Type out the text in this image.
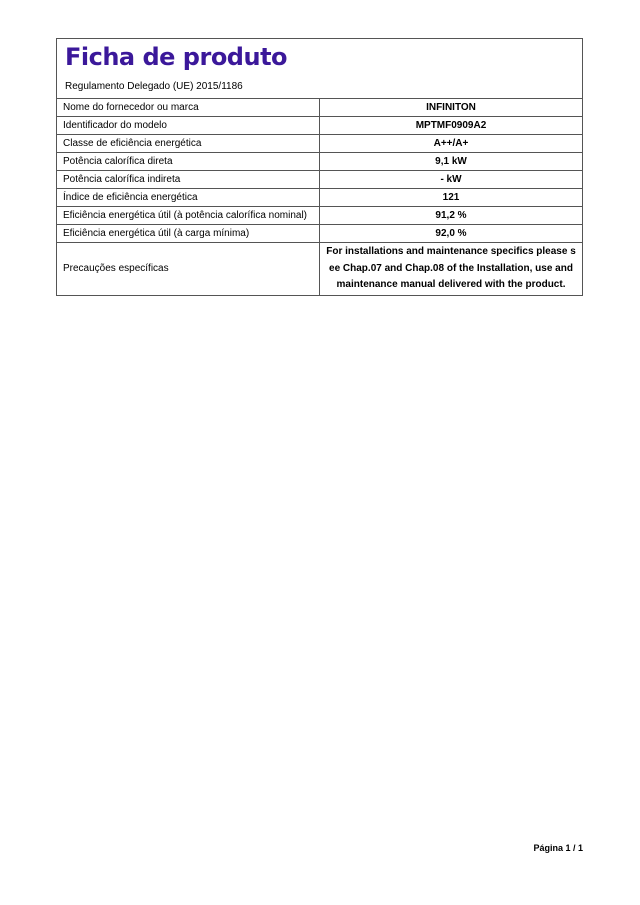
Ficha de produto
Regulamento Delegado (UE) 2015/1186
Nome do fornecedor ou marca	INFINITON
Identificador do modelo	MPTMF0909A2
Classe de eficiência energética	A++/A+
Potência calorífica direta	9,1 kW
Potência calorífica indireta	- kW
Índice de eficiência energética	121
Eficiência energética útil (à potência calorífica nominal)	91,2 %
Eficiência energética útil (à carga mínima)	92,0 %
Precauções específicas	For installations and maintenance specifics please see Chap.07 and Chap.08 of the Installation, use and maintenance manual delivered with the product.
Página 1 / 1
